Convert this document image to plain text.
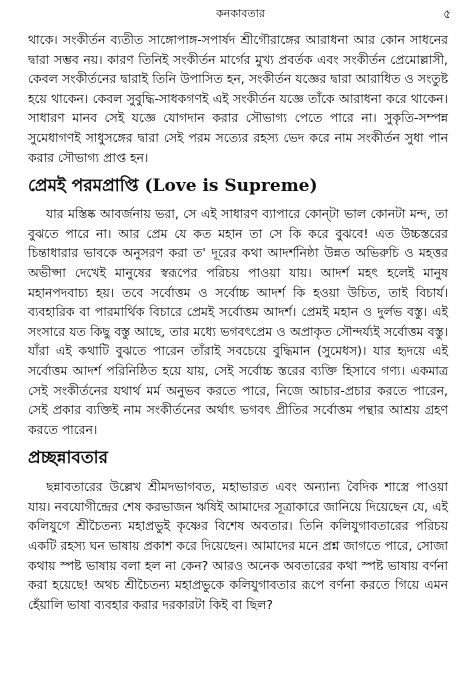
কনকাবতার	৫

থাকে। সংকীর্তন ব্যতীত সাঙ্গোপাঙ্গ-সপার্ষদ শ্রীগৌরাঙ্গের আরাধনা আর কোন সাধনের দ্বারা সম্ভব নয়। কারণ তিনিই সংকীর্তন মার্গের মুখ্য প্রবর্তক এবং সংকীর্তন প্রেমোল্লাসী, কেবল সংকীর্তনের দ্বারাই তিনি উপাসিত হন, সংকীর্তন যজ্ঞের দ্বারা আরাধিত ও সংতুষ্ট হয়ে থাকেন। কেবল সুবুদ্ধি-সাধকগণই এই সংকীর্তন যজ্ঞে তাঁকে আরাধনা করে থাকেন। সাধারণ মানব সেই যজ্ঞে যোগদান করার সৌভাগ্য পেতে পারে না। সুকৃতি-সম্পন্ন সুমেধাগণই সাধুসঙ্গের দ্বারা সেই পরম সত্যের রহস্য ভেদ করে নাম সংকীর্তন সুধা পান করার সৌভাগ্য প্রাপ্ত হন।

প্রেমই পরমপ্রাপ্তি (Love is Supreme)

যার মস্তিষ্ক আবর্জনায় ভরা, সে এই সাধারণ ব্যাপারে কোন্‌টা ভাল কোনটা মন্দ, তা বুঝতে পারে না। আর প্রেম যে কত মহান তা সে কি করে বুঝবে! এত উচ্চস্তরের চিন্তাধারার ভাবকে অনুসরণ করা ত' দূরের কথা আদর্শনিষ্ঠা উন্নত অভিরুচি ও মহত্তর অভীপ্সা দেখেই মানুষের স্বরূপের পরিচয় পাওয়া যায়। আদর্শ মহৎ হলেই মানুষ মহানপদবাচ্য হয়। তবে সর্বোত্তম ও সর্বোচ্চ আদর্শ কি হওয়া উচিত, তাই বিচার্য। ব্যবহারিক বা পারমার্থিক বিচারে প্রেমই সর্বোত্তম আদর্শ। প্রেমই মহান ও দুর্লভ বস্তু। এই সংসারে যত কিছু বস্তু আছে, তার মধ্যে ভগবৎপ্রেম ও অপ্রাকৃত সৌন্দর্য্যই সর্বোত্তম বস্তু। যাঁরা এই কথাটি বুঝতে পারেন তাঁরাই সবচেয়ে বুদ্ধিমান (সুমেধস)। যার হৃদয়ে এই সর্বোত্তম আদর্শ পরিনিষ্ঠিত হয়ে যায়, সেই সর্বোচ্চ স্তরের ব্যক্তি হিসাবে গণ্য। একমাত্র সেই সংকীর্তনের যথার্থ মর্ম অনুভব করতে পারে, নিজে আচার-প্রচার করতে পারেন, সেই প্রকার ব্যক্তিই নাম সংকীর্তনের অর্থাৎ ভগবৎ প্রীতির সর্বোত্তম পন্থার আশ্রয় গ্রহণ করতে পারেন।

প্রচ্ছন্নাবতার

ছন্নাবতারের উল্লেখ শ্রীমদভাগবত, মহাভারত এবং অন্যান্য বৈদিক শাস্ত্রে পাওয়া যায়। নবযোগীন্দ্রের শেষ করভাজন ঋষিই আমাদের সূত্রাকারে জানিয়ে দিয়েছেন যে, এই কলিযুগে শ্রীচৈতন্য মহাপ্রভুই কৃষ্ণের বিশেষ অবতার। তিনি কলিযুগাবতারের পরিচয় একটি রহস্য ঘন ভাষায় প্রকাশ করে দিয়েছেন। আমাদের মনে প্রশ্ন জাগতে পারে, সোজা কথায় স্পষ্ট ভাষায় বলা হল না কেন? আরও অনেক অবতারের কথা স্পষ্ট ভাষায় বর্ণনা করা হয়েছে! অথচ শ্রীচৈতন্য মহাপ্রভুকে কলিযুগাবতার রূপে বর্ণনা করতে গিয়ে এমন হেঁয়ালি ভাষা ব্যবহার করার দরকারটা কিই বা ছিল?
